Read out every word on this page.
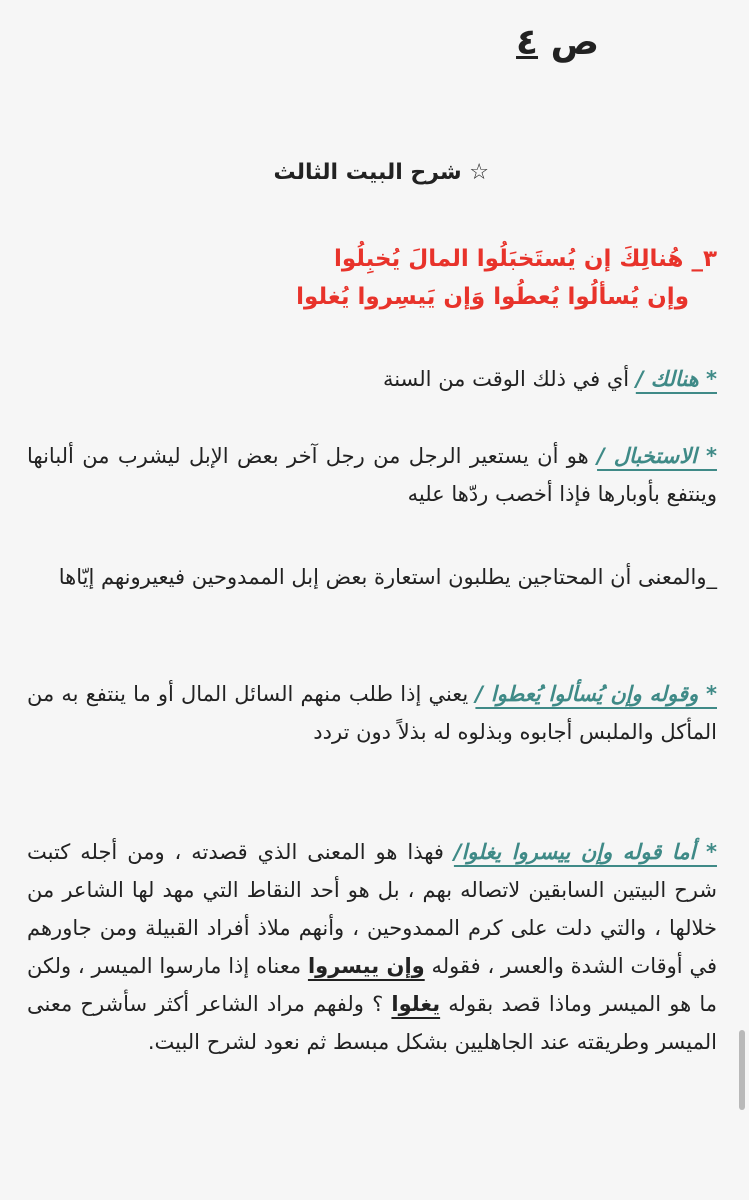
ص ٤
☆ شرح البيت الثالث
٣_ هُنالِكَ إن يُستَخبَلُوا المالَ يُخبِلُوا
وإن يُسألُوا يُعطُوا وَإن يَيسِروا يُغلوا
* هنالك / أي في ذلك الوقت من السنة
* الاستخبال / هو أن يستعير الرجل من رجل آخر بعض الإبل ليشرب من ألبانها وينتفع بأوبارها فإذا أخصب ردّها عليه
_والمعنى أن المحتاجين يطلبون استعارة بعض إبل الممدوحين فيعيرونهم إيّاها
* وقوله وإن يُسألوا يُعطوا / يعني إذا طلب منهم السائل المال أو ما ينتفع به من المأكل والملبس أجابوه وبذلوه له بذلاً دون تردد
* أما قوله وإن ييسروا يغلوا/ فهذا هو المعنى الذي قصدته ، ومن أجله كتبت شرح البيتين السابقين لاتصاله بهم ، بل هو أحد النقاط التي مهد لها الشاعر من خلالها ، والتي دلت على كرم الممدوحين ، وأنهم ملاذ أفراد القبيلة ومن جاورهم في أوقات الشدة والعسر ، فقوله وإن ييسروا معناه إذا مارسوا الميسر ، ولكن ما هو الميسر وماذا قصد بقوله يغلوا ؟ ولفهم مراد الشاعر أكثر سأشرح معنى الميسر وطريقته عند الجاهليين بشكل مبسط ثم نعود لشرح البيت.
